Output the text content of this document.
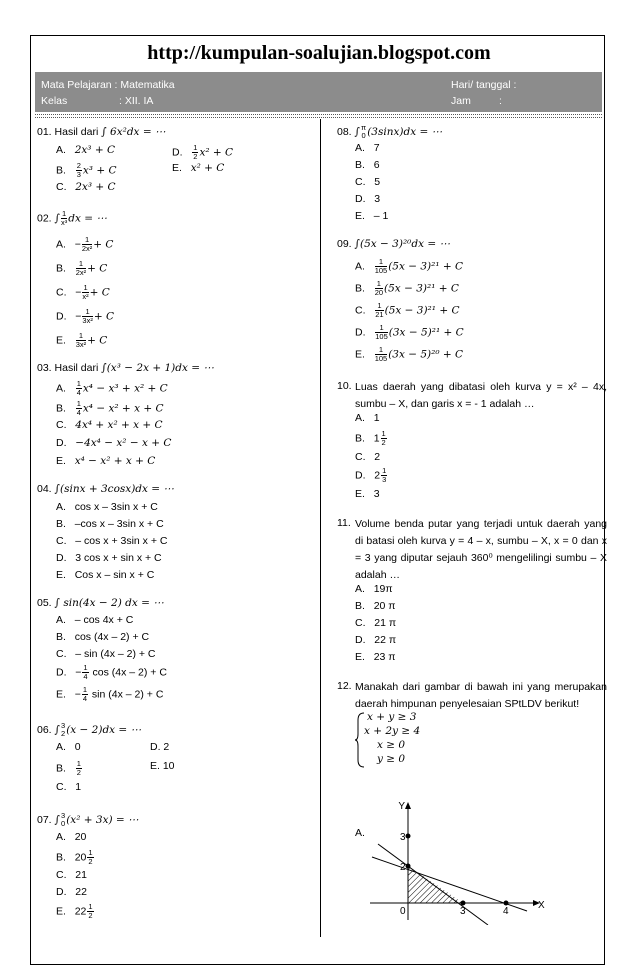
http://kumpulan-soalujian.blogspot.com
Mata Pelajaran : Matematika
Kelas	: XII. IA
Hari/ tanggal :
Jam	:
01. Hasil dari ∫ 6x²dx = ⋯
A. 2x³ + C
B. $\frac{2}{3} x^3 + C$
C. 2x³ + C
D. $\frac{1}{2} x^2 + C$
E. x² + C
02. ∫ $\frac{1}{\text{x³}}$ dx = ⋯
A. − $\frac{1}{\text{2x²}} + C$
B. $\frac{1}{\text{2x²}} + C$
C. − $\frac{1}{\text{x²}} + C$
D. − $\frac{1}{\text{3x²}} + C$
E. $\frac{1}{\text{3x²}} + C$
03. Hasil dari ∫(x³ − 2x + 1)dx = ⋯
A. $\frac{1}{4} x^4 - x^3 + x^2 + C$
B. $\frac{1}{4} x^4 - x^2 + x + C$
C. 4x⁴ + x² + x + C
D. −4x⁴ − x² − x + C
E. x⁴ − x² + x + C
04. ∫(sinx + 3cosx)dx = ⋯
A. cos x – 3sin x + C
B. –cos x – 3sin x + C
C. – cos x + 3sin x + C
D. 3 cos x + sin x + C
E. Cos x – sin x + C
05. ∫ sin(4x − 2) dx = ⋯
A. – cos 4x + C
B. cos (4x – 2) + C
C. – sin (4x – 2) + C
D. − $\frac{1}{4}$ cos (4x – 2) + C
E. − $\frac{1}{4}$ sin (4x – 2) + C
06. ∫ 3
2 (x − 2)dx = ⋯
A. 0
B. $\frac{1}{2}$
C. 1
D. 2
E. 10
07. ∫ 3
0 (x² + 3x) = ⋯
A. 20
B. $20 \frac{1}{2}$
C. 21
D. 22
E. $22 \frac{1}{2}$
08. ∫ π
0 (3sinx)dx = ⋯
A. 7
B. 6
C. 5
D. 3
E. – 1
09. ∫(5x − 3)²⁰dx = ⋯
A. $\frac{1}{105} (5x - 3)^{21} + C$
B. $\frac{1}{20} (5x - 3)^{21} + C$
C. $\frac{1}{21} (5x - 3)^{21} + C$
D. $\frac{1}{105} (3x - 5)^{21} + C$
E. $\frac{1}{105} (3x - 5)^{20} + C$
10. Luas daerah yang dibatasi oleh kurva y = x² – 4x, sumbu – X, dan garis x = - 1 adalah …
A. 1
B. $1 \frac{1}{2}$
C. 2
D. $2 \frac{1}{3}$
E. 3
11. Volume benda putar yang terjadi untuk daerah yang di batasi oleh kurva y = 4 – x, sumbu – X, x = 0 dan x = 3 yang diputar sejauh 360⁰ mengelilingi sumbu – X adalah …
A. 19π
B. 20 π
C. 21 π
D. 22 π
E. 23 π
12. Manakah dari gambar di bawah ini yang merupakan daerah himpunan penyelesaian SPtLDV berikut!
x + y ≥ 3
x + 2y ≥ 4
x ≥ 0
y ≥ 0
A.
Y
X
0	3	4
2
3
